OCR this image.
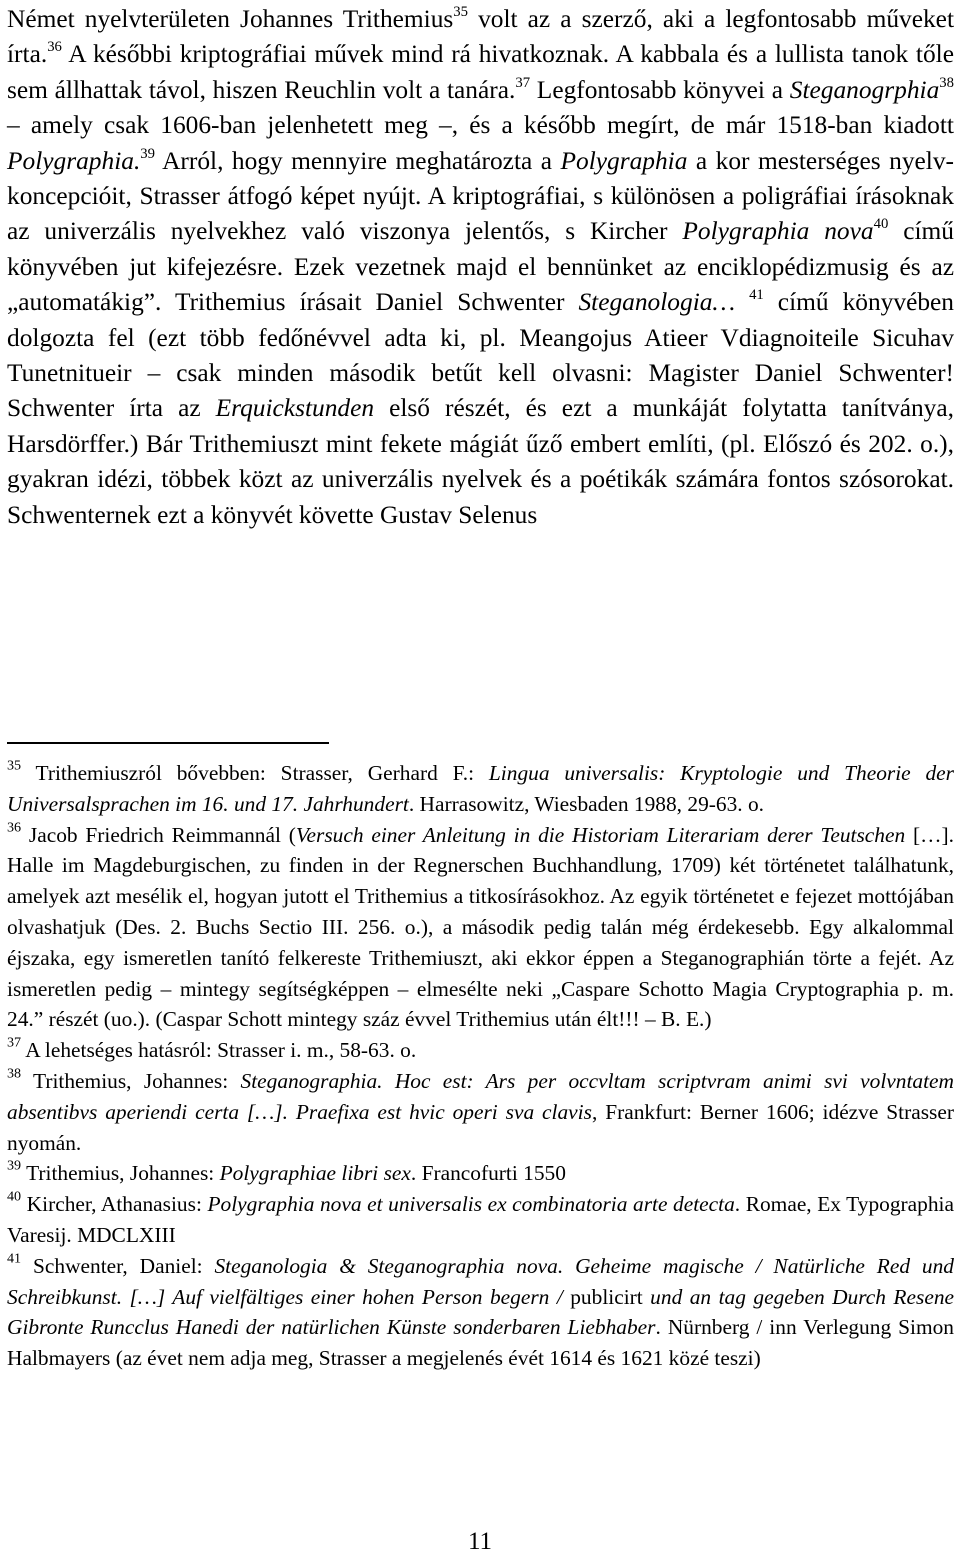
Német nyelvterületen Johannes Trithemius$^{35}$ volt az a szerző, aki a legfontosabb műveket írta.$^{36}$ A későbbi kriptográfiai művek mind rá hivatkoznak. A kabbala és a lullista tanok tőle sem állhattak távol, hiszen Reuchlin volt a tanára.$^{37}$ Legfontosabb könyvei a Steganogrphia$^{38}$ – amely csak 1606-ban jelenhetett meg –, és a később megírt, de már 1518-ban kiadott Polygraphia.$^{39}$ Arról, hogy mennyire meghatározta a Polygraphia a kor mesterséges nyelv-koncepcióit, Strasser átfogó képet nyújt. A kriptográfiai, s különösen a poligráfiai írásoknak az univerzális nyelvekhez való viszonya jelentős, s Kircher Polygraphia nova$^{40}$ című könyvében jut kifejezésre. Ezek vezetnek majd el bennünket az enciklopédizmusig és az „automatákig”. Trithemius írásait Daniel Schwenter Steganologia… $^{41}$ című könyvében dolgozta fel (ezt több fedőnévvel adta ki, pl. Meangojus Atieer Vdiagnoiteile Sicuhav Tunetnitueir – csak minden második betűt kell olvasni: Magister Daniel Schwenter! Schwenter írta az Erquickstunden első részét, és ezt a munkáját folytatta tanítványa, Harsdörffer.) Bár Trithemiuszt mint fekete mágiát űző embert említi, (pl. Előszó és 202. o.), gyakran idézi, többek közt az univerzális nyelvek és a poétikák számára fontos szósorokat. Schwenternek ezt a könyvét követte Gustav Selenus

$^{35}$ Trithemiuszról bővebben: Strasser, Gerhard F.: Lingua universalis: Kryptologie und Theorie der Universalsprachen im 16. und 17. Jahrhundert. Harrasowitz, Wiesbaden 1988, 29-63. o.

$^{36}$ Jacob Friedrich Reimmannál (Versuch einer Anleitung in die Historiam Literariam derer Teutschen […]. Halle im Magdeburgischen, zu finden in der Regnerschen Buchhandlung, 1709) két történetet találhatunk, amelyek azt mesélik el, hogyan jutott el Trithemius a titkosírásokhoz. Az egyik történetet e fejezet mottójában olvashatjuk (Des. 2. Buchs Sectio III. 256. o.), a második pedig talán még érdekesebb. Egy alkalommal éjszaka, egy ismeretlen tanító felkereste Trithemiuszt, aki ekkor éppen a Steganographián törte a fejét. Az ismeretlen pedig – mintegy segítségképpen – elmesélte neki „Caspare Schotto Magia Cryptographia p. m. 24.” részét (uo.). (Caspar Schott mintegy száz évvel Trithemius után élt!!! – B. E.)

$^{37}$ A lehetséges hatásról: Strasser i. m., 58-63. o.

$^{38}$ Trithemius, Johannes: Steganographia. Hoc est: Ars per occvltam scriptvram animi svi volvntatem absentibvs aperiendi certa […]. Praefixa est hvic operi sva clavis, Frankfurt: Berner 1606; idézve Strasser nyomán.

$^{39}$ Trithemius, Johannes: Polygraphiae libri sex. Francofurti 1550

$^{40}$ Kircher, Athanasius: Polygraphia nova et universalis ex combinatoria arte detecta. Romae, Ex Typographia Varesij. MDCLXIII

$^{41}$ Schwenter, Daniel: Steganologia & Steganographia nova. Geheime magische / Natürliche Red und Schreibkunst. […] Auf vielfältiges einer hohen Person begern / publicirt und an tag gegeben Durch Resene Gibronte Runcclus Hanedi der natürlichen Künste sonderbaren Liebhaber. Nürnberg / inn Verlegung Simon Halbmayers (az évet nem adja meg, Strasser a megjelenés évét 1614 és 1621 közé teszi)

11
